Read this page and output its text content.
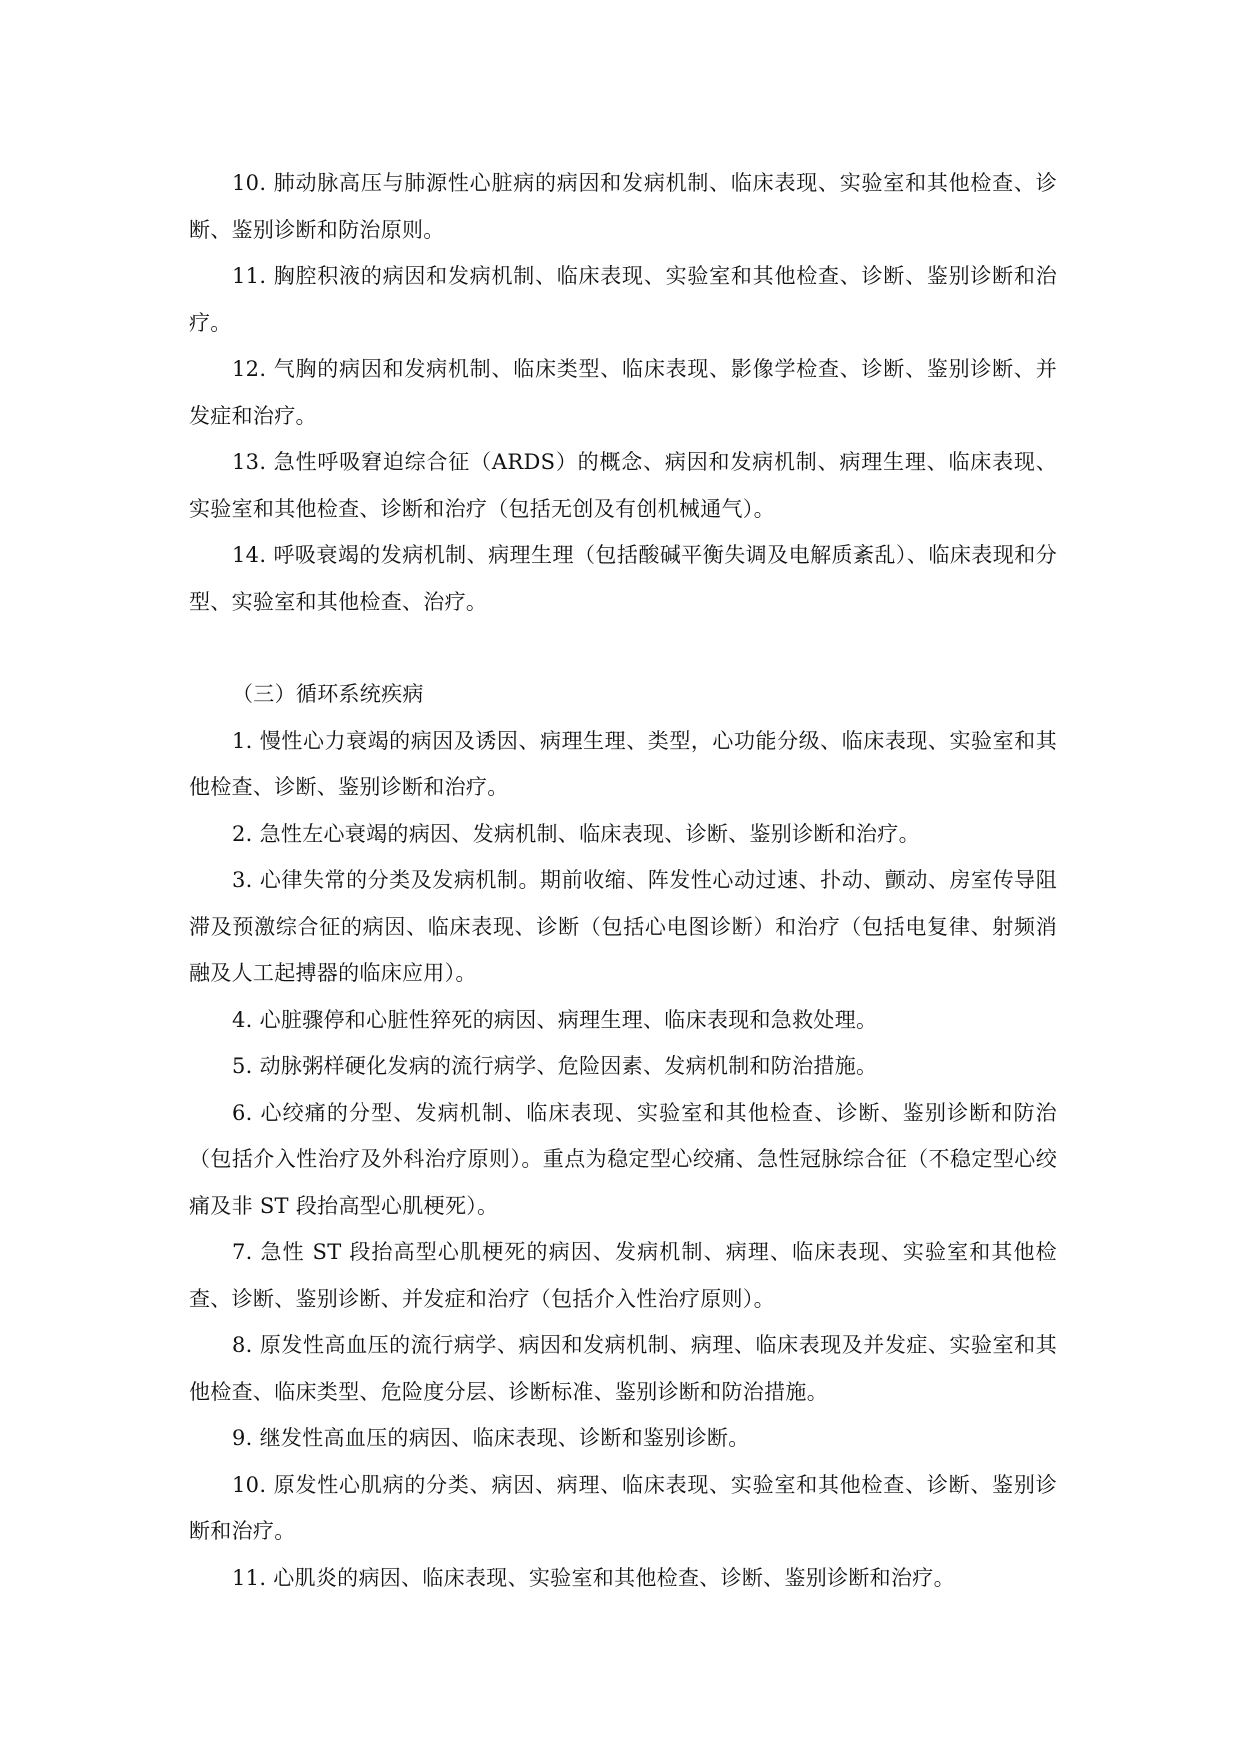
10. 肺动脉高压与肺源性心脏病的病因和发病机制、临床表现、实验室和其他检查、诊断、鉴别诊断和防治原则。

11. 胸腔积液的病因和发病机制、临床表现、实验室和其他检查、诊断、鉴别诊断和治疗。

12. 气胸的病因和发病机制、临床类型、临床表现、影像学检查、诊断、鉴别诊断、并发症和治疗。

13. 急性呼吸窘迫综合征（ARDS）的概念、病因和发病机制、病理生理、临床表现、实验室和其他检查、诊断和治疗（包括无创及有创机械通气）。

14. 呼吸衰竭的发病机制、病理生理（包括酸碱平衡失调及电解质紊乱）、临床表现和分型、实验室和其他检查、治疗。

（三）循环系统疾病

1. 慢性心力衰竭的病因及诱因、病理生理、类型，心功能分级、临床表现、实验室和其他检查、诊断、鉴别诊断和治疗。

2. 急性左心衰竭的病因、发病机制、临床表现、诊断、鉴别诊断和治疗。

3. 心律失常的分类及发病机制。期前收缩、阵发性心动过速、扑动、颤动、房室传导阻滞及预激综合征的病因、临床表现、诊断（包括心电图诊断）和治疗（包括电复律、射频消融及人工起搏器的临床应用）。

4. 心脏骤停和心脏性猝死的病因、病理生理、临床表现和急救处理。

5. 动脉粥样硬化发病的流行病学、危险因素、发病机制和防治措施。

6. 心绞痛的分型、发病机制、临床表现、实验室和其他检查、诊断、鉴别诊断和防治（包括介入性治疗及外科治疗原则）。重点为稳定型心绞痛、急性冠脉综合征（不稳定型心绞痛及非 ST 段抬高型心肌梗死）。

7. 急性 ST 段抬高型心肌梗死的病因、发病机制、病理、临床表现、实验室和其他检查、诊断、鉴别诊断、并发症和治疗（包括介入性治疗原则）。

8. 原发性高血压的流行病学、病因和发病机制、病理、临床表现及并发症、实验室和其他检查、临床类型、危险度分层、诊断标准、鉴别诊断和防治措施。

9. 继发性高血压的病因、临床表现、诊断和鉴别诊断。

10. 原发性心肌病的分类、病因、病理、临床表现、实验室和其他检查、诊断、鉴别诊断和治疗。

11. 心肌炎的病因、临床表现、实验室和其他检查、诊断、鉴别诊断和治疗。
